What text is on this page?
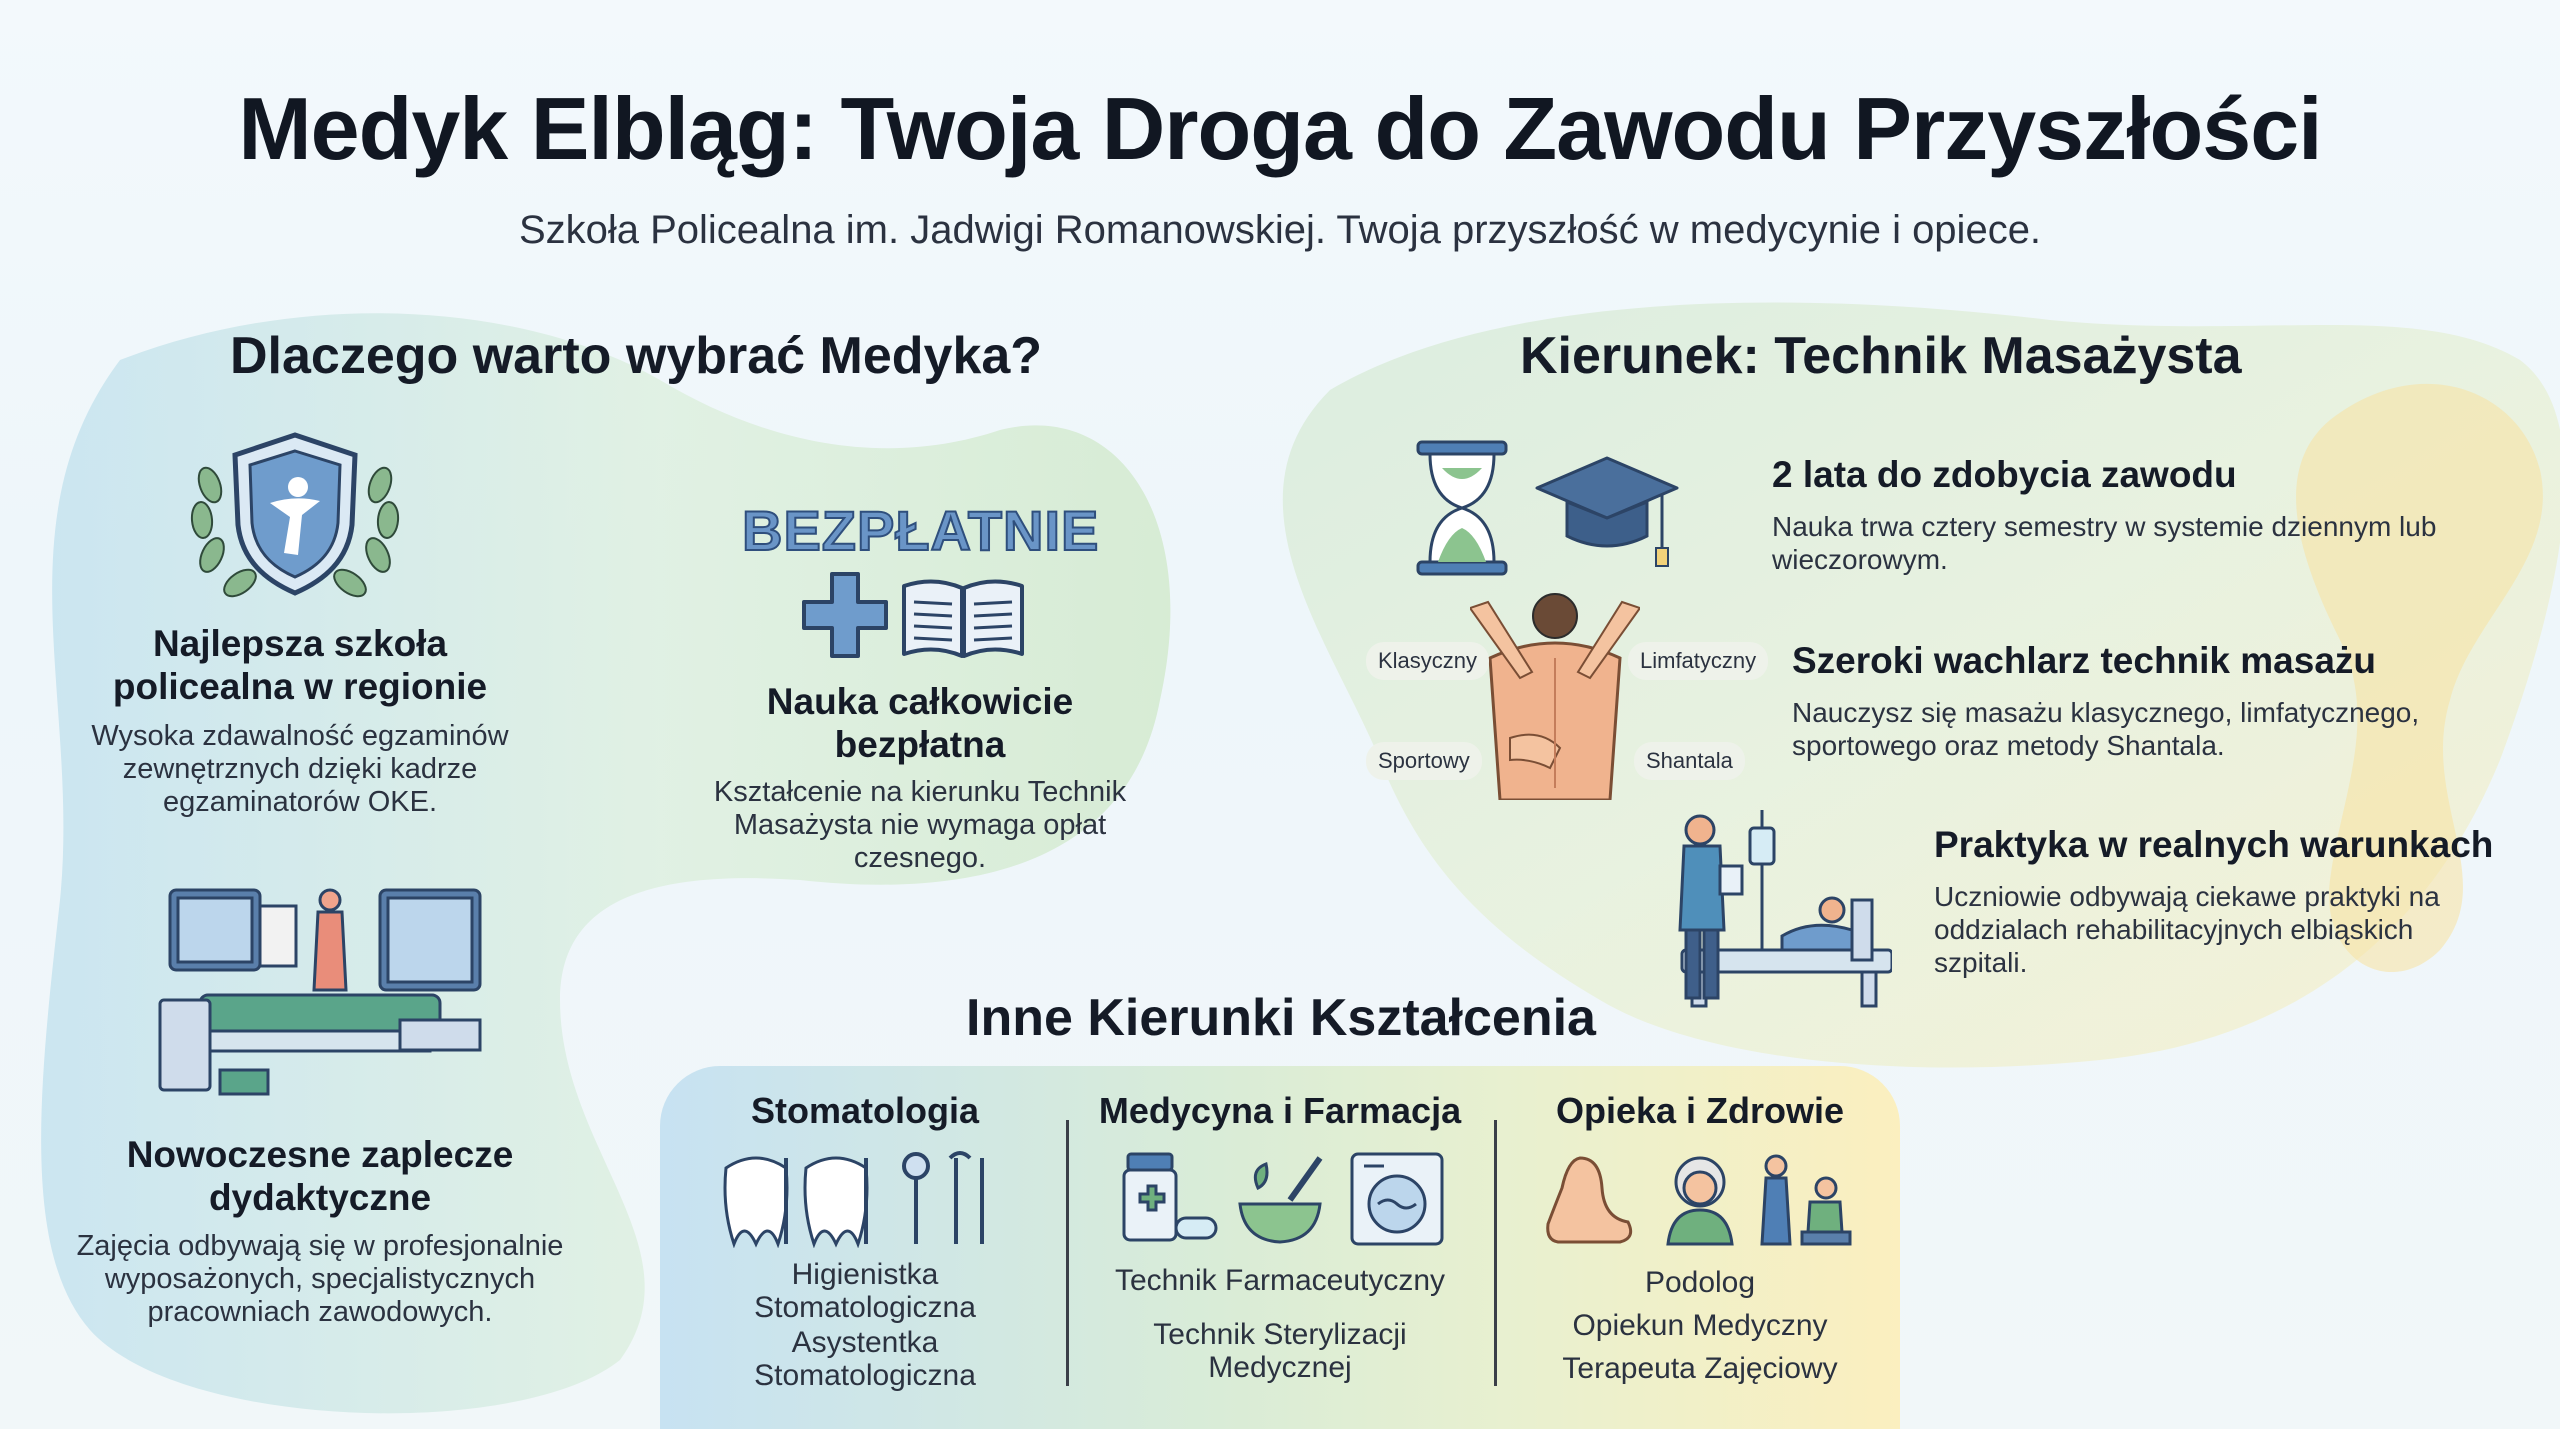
Medyk Elbląg: Twoja Droga do Zawodu Przyszłości
Szkoła Policealna im. Jadwigi Romanowskiej. Twoja przyszłość w medycynie i opiece.
Dlaczego warto wybrać Medyka?
Najlepsza szkoła policealna w regionie
Wysoka zdawalność egzaminów zewnętrznych dzięki kadrze egzaminatorów OKE.
BEZPŁATNIE
Nauka całkowicie bezpłatna
Kształcenie na kierunku Technik Masażysta nie wymaga opłat czesnego.
Nowoczesne zaplecze dydaktyczne
Zajęcia odbywają się w profesjonalnie wyposażonych, specjalistycznych pracowniach zawodowych.
Kierunek: Technik Masażysta
2 lata do zdobycia zawodu
Nauka trwa cztery semestry w systemie dziennym lub wieczorowym.
Klasyczny	Limfatyczny
Sportowy	Shantala
Szeroki wachlarz technik masażu
Nauczysz się masażu klasycznego, limfatycznego, sportowego oraz metody Shantala.
Praktyka w realnych warunkach
Uczniowie odbywają ciekawe praktyki na oddzialach rehabilitacyjnych elbiąskich szpitali.
Inne Kierunki Kształcenia
Stomatologia
Higienistka Stomatologiczna
Asystentka Stomatologiczna
Medycyna i Farmacja
Technik Farmaceutyczny
Technik Sterylizacji Medycznej
Opieka i Zdrowie
Podolog
Opiekun Medyczny
Terapeuta Zajęciowy
